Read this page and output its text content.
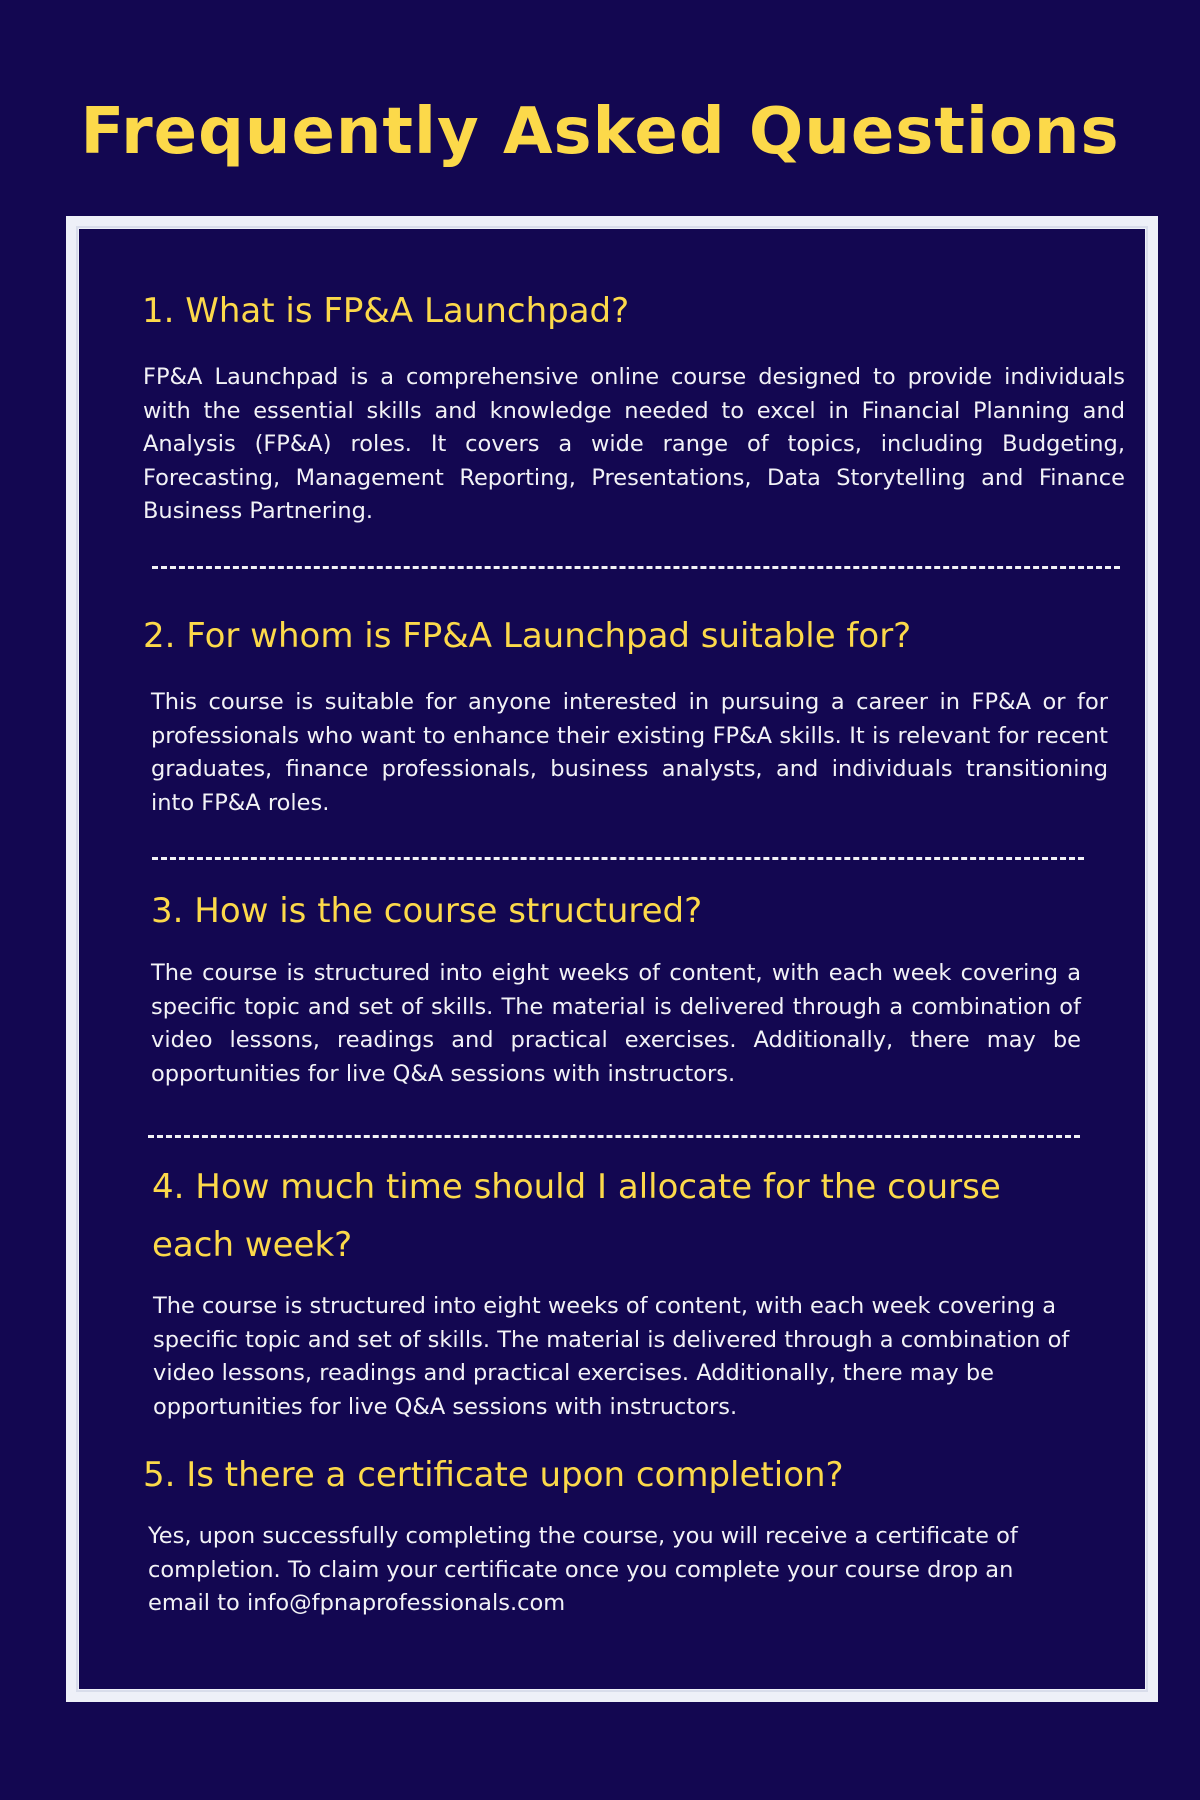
Frequently Asked Questions
1. What is FP&A Launchpad?

FP&A Launchpad is a comprehensive online course designed to provide individuals with the essential skills and knowledge needed to excel in Financial Planning and Analysis (FP&A) roles. It covers a wide range of topics, including Budgeting, Forecasting, Management Reporting, Presentations, Data Storytelling and Finance Business Partnering.

2. For whom is FP&A Launchpad suitable for?

This course is suitable for anyone interested in pursuing a career in FP&A or for professionals who want to enhance their existing FP&A skills. It is relevant for recent graduates, finance professionals, business analysts, and individuals transitioning into FP&A roles.

3. How is the course structured?

The course is structured into eight weeks of content, with each week covering a specific topic and set of skills. The material is delivered through a combination of video lessons, readings and practical exercises. Additionally, there may be opportunities for live Q&A sessions with instructors.

4. How much time should I allocate for the course each week?

The course is structured into eight weeks of content, with each week covering a specific topic and set of skills. The material is delivered through a combination of video lessons, readings and practical exercises. Additionally, there may be opportunities for live Q&A sessions with instructors.

5. Is there a certificate upon completion?

Yes, upon successfully completing the course, you will receive a certificate of completion. To claim your certificate once you complete your course drop an email to info@fpnaprofessionals.com
